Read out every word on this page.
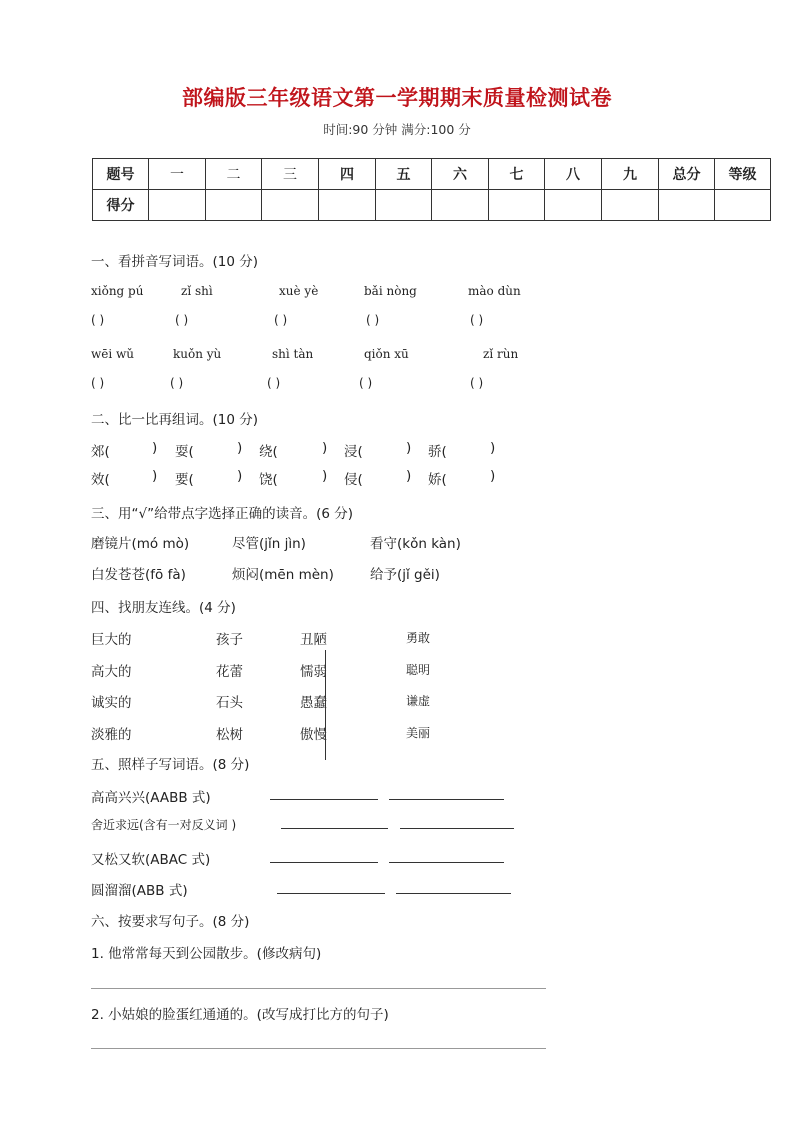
部编版三年级语文第一学期期末质量检测试卷
时间:90 分钟 满分:100 分
题号	一	二	三	四	五	六	七	八	九	总分	等级
得分											
一、看拼音写词语。(10 分)
xiǒng pú	zǐ shì	xuè yè	bǎi nòng	mào dùn
( )	( )	( )	( )	( )
wēi wǔ	kuǒn yù	shì tàn	qiǒn xū	zǐ rùn
( )	( )	( )	( )	( )
二、比一比再组词。(10 分)
郊(	) 耍(	) 绕(	) 浸(	) 骄(	)
效(	) 要(	) 饶(	) 侵(	) 娇(	)
三、用“√”给带点字选择正确的读音。(6 分)
磨镜片(mó mò)	尽管(jǐn jìn)	看守(kǒn kàn)
白发苍苍(fō fà)	烦闷(mēn mèn)	给予(jǐ gěi)
四、找朋友连线。(4 分)
巨大的	孩子	丑陋	勇敢
高大的	花蕾	懦弱	聪明
诚实的	石头	愚蠢	谦虚
淡雅的	松树	傲慢	美丽
五、照样子写词语。(8 分)
高高兴兴(AABB 式)
舍近求远(含有一对反义词 )
又松又软(ABAC 式)
圆溜溜(ABB 式)
六、按要求写句子。(8 分)
1. 他常常每天到公园散步。(修改病句)
2. 小姑娘的脸蛋红通通的。(改写成打比方的句子)
